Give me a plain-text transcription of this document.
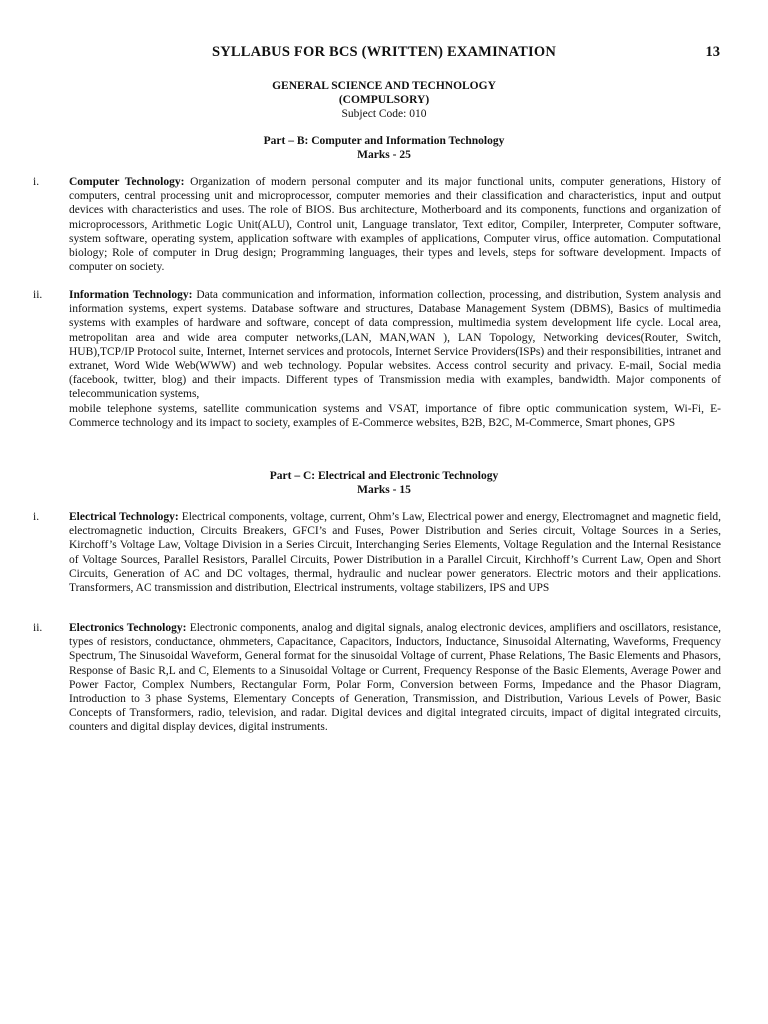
SYLLABUS FOR BCS (WRITTEN) EXAMINATION	13
GENERAL SCIENCE AND TECHNOLOGY
(COMPULSORY)
Subject Code: 010
Part – B: Computer and Information Technology
Marks - 25
i.	Computer Technology: Organization of modern personal computer and its major functional units, computer generations, History of computers, central processing unit and microprocessor, computer memories and their classification and characteristics, input and output devices with characteristics and uses. The role of BIOS. Bus architecture, Motherboard and its components, functions and organization of microprocessors, Arithmetic Logic Unit(ALU), Control unit, Language translator, Text editor, Compiler, Interpreter, Computer software, system software, operating system, application software with examples of applications, Computer virus, office automation. Computational biology; Role of computer in Drug design; Programming languages, their types and levels, steps for software development. Impacts of computer on society.

ii. Information Technology: Data communication and information, information collection, processing, and distribution, System analysis and information systems, expert systems. Database software and structures, Database Management System (DBMS), Basics of multimedia systems with examples of hardware and software, concept of data compression, multimedia system development life cycle. Local area, metropolitan area and wide area computer networks,(LAN, MAN,WAN ), LAN Topology, Networking devices(Router, Switch, HUB),TCP/IP Protocol suite, Internet, Internet services and protocols, Internet Service Providers(ISPs) and their responsibilities, intranet and extranet, Word Wide Web(WWW) and web technology. Popular websites. Access control security and privacy. E-mail, Social media (facebook, twitter, blog) and their impacts. Different types of Transmission media with examples, bandwidth. Major components of telecommunication systems,

mobile telephone systems, satellite communication systems and VSAT, importance of fibre optic communication system, Wi-Fi, E-Commerce technology and its impact to society, examples of E-Commerce websites, B2B, B2C, M-Commerce, Smart phones, GPS

Part – C: Electrical and Electronic Technology
Marks - 15
i.	Electrical Technology: Electrical components, voltage, current, Ohm’s Law, Electrical power and energy, Electromagnet and magnetic field, electromagnetic induction, Circuits Breakers, GFCI’s and Fuses, Power Distribution and Series circuit, Voltage Sources in a Series, Kirchoff’s Voltage Law, Voltage Division in a Series Circuit, Interchanging Series Elements, Voltage Regulation and the Internal Resistance of Voltage Sources, Parallel Resistors, Parallel Circuits, Power Distribution in a Parallel Circuit, Kirchhoff’s Current Law, Open and Short Circuits, Generation of AC and DC voltages, thermal, hydraulic and nuclear power generators. Electric motors and their applications. Transformers, AC transmission and distribution, Electrical instruments, voltage stabilizers, IPS and UPS

ii. Electronics Technology: Electronic components, analog and digital signals, analog electronic devices, amplifiers and oscillators, resistance, types of resistors, conductance, ohmmeters, Capacitance, Capacitors, Inductors, Inductance, Sinusoidal Alternating, Waveforms, Frequency Spectrum, The Sinusoidal Waveform, General format for the sinusoidal Voltage of current, Phase Relations, The Basic Elements and Phasors, Response of Basic R,L and C, Elements to a Sinusoidal Voltage or Current, Frequency Response of the Basic Elements, Average Power and Power Factor, Complex Numbers, Rectangular Form, Polar Form, Conversion between Forms, Impedance and the Phasor Diagram, Introduction to 3 phase Systems, Elementary Concepts of Generation, Transmission, and Distribution, Various Levels of Power, Basic Concepts of Transformers, radio, television, and radar. Digital devices and digital integrated circuits, impact of digital integrated circuits, counters and digital display devices, digital instruments.
